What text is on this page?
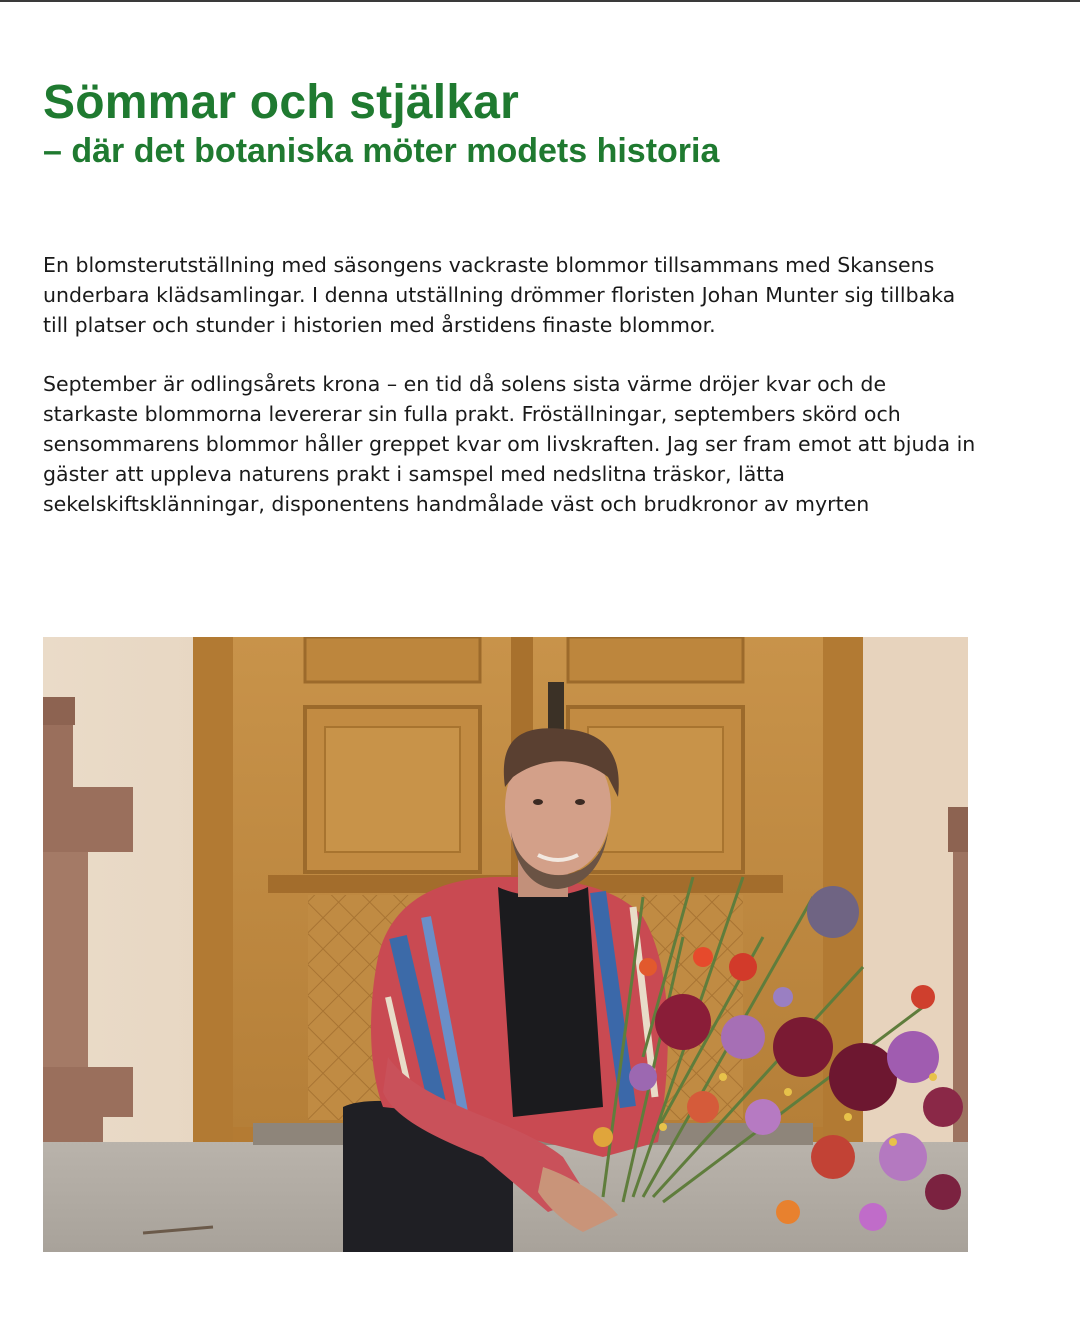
Sömmar och stjälkar
– där det botaniska möter modets historia

En blomsterutställning med säsongens vackraste blommor tillsammans med Skansens underbara klädsamlingar. I denna utställning drömmer floristen Johan Munter sig tillbaka till platser och stunder i historien med årstidens finaste blommor.

September är odlingsårets krona – en tid då solens sista värme dröjer kvar och de starkaste blommorna levererar sin fulla prakt. Fröställningar, septembers skörd och sensommarens blommor håller greppet kvar om livskraften. Jag ser fram emot att bjuda in gäster att uppleva naturens prakt i samspel med nedslitna träskor, lätta sekelskiftsklänningar, disponentens handmålade väst och brudkronor av myrten
